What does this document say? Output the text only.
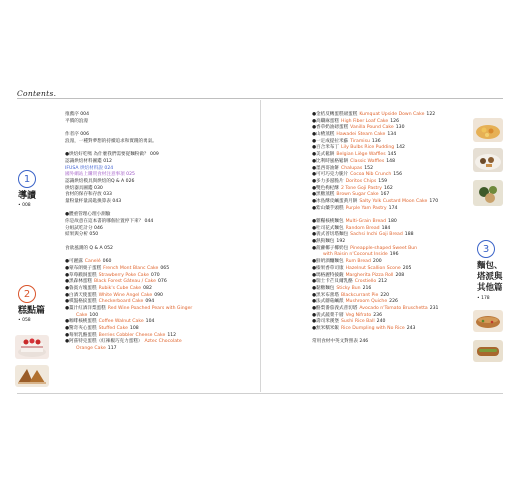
Contents.
1
導讀
• 008
2
糕點篇
• 058
3
麵包、
塔派與
其他篇
• 178
推薦序 004
平價的浪漫
作者序 006
浪漫，一種對夢想的持續追求和實踐的勇氣。
●烘焙好吃嗎 為什麼我們需要從麵粉做？ 009
認識烘焙材料圖鑑 012
IFUSA 烘焙材料說 024
國外網站上購買食材注意事項 025
認識烘焙模具與烘焙的Q & A 026
烘焙器具圖鑑 030
食材的保存和存放 033
量粉量杯量湯匙換算表 043
●體重管理心理小測驗
你是故意在這本書的哪個位置停下來？ 044
分組試吃計分 046
結果與分析 050
食欲風測的 Q & A 052
●可麗露 Canelé 060
●蒙布朗栗子蛋糕 French Mont Blanc Cake 065
●草莓戳洞蛋糕 Strawberry Poke Cake 070
●黑森林蛋糕 Black Forest Gâteau / Cake 076
●魯賓方塊蛋糕 Rubik's Cube Cake 082
●白酒天使蛋糕 White Wine Angel Cake 090
●棋盤格紋蛋糕 Checkerboard Cake 094
●薑汁紅酒洋梨蛋糕 Red Wine Poached Pears with Ginger
Cake 100
●咖啡核桃蛋糕 Coffee Walnut Cake 104
●驚奇夾心蛋糕 Stuffed Cake 108
●莓果乳酪蛋糕 Berries Cobbler Cheese Cake 112
●阿茲特克蛋糕（紅辣椒巧克力蛋糕） Aztec Chocolate
Orange Cake 117
●金桔反轉蛋糕磅蛋糕 Kumquat Upside Down Cake 122
●高纖麻蛋糕 High Fiber Loaf Cake 126
●香草奶油磅蛋糕 Vanilla Pound Cake 130
●山楂蒸糕 Hawadei Steam Cake 134
●一定成提拉米蘇 Tiramisu 136
●百合米布丁 Lily Bulbs Rice Pudding 142
●美式鬆餅 Belgian Liège Waffles 145
●比利時風格鬆餅 Classic Waffles 148
●墨西哥油餅 Chalupas 152
●可可巧克力脆片 Cocoa Nib Crunch 156
●多力多滋脆片 Doritos Chips 159
●雙色枸杞酥 2 Tone Goji Pastry 162
●黑糖蒸糕 Brown Sugar Cake 167
●冰島酥皮鹹蛋黃月餅 Salty Yolk Custard Moon Cake 170
●紫山藥芋頭糕 Purple Yam Pastry 174
●雜糧核桃麵包 Multi-Grain Bread 180
●吐司花式麵包 Random Bread 184
●義式普切塔麵包 Sachsi Inchi Goji Bread 188
●熱狗麵包 192
●菠蘿椰子椰奶包 Pineapple-shaped Sweet Bun
with Raisin n'Coconut Inside 196
●鮮奶酒釀麵包 Rum Bread 200
●榛果香草司康 Hazelnut Scallion Scone 205
●瑪格麗特披薩 Margherita Pizza Roll 208
●瑞士卡芒貝爾乳酪 Crostiello 212
●黏糖麵包 Sticky Bun 216
●黑米布蕾塔 Blackcurrant Pie 220
●法式蘑菇鹹派 Mushroom Quiche 226
●酪梨番茄義式普切塔 Avocado n'Tomato Bruschetta 231
●義式蔬菜千層 Veg Nifrato 236
●壽司米漢堡 Sushi Rice Ball 240
●無米糯米飯 Rice Dumpling with No Rice 243
常用食材中英文對照表 246
